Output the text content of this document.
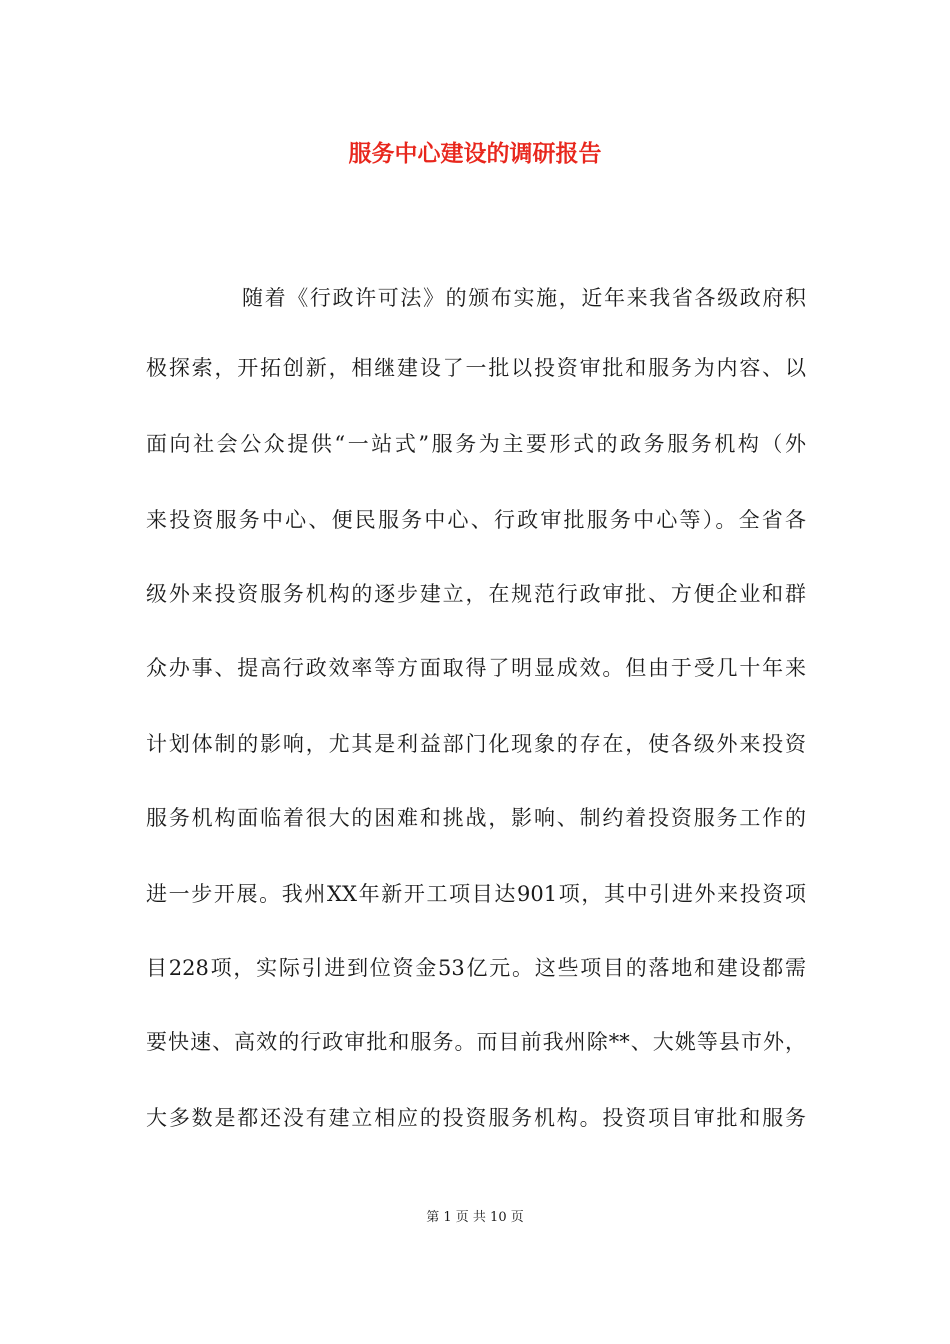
服务中心建设的调研报告
随着《行政许可法》的颁布实施，近年来我省各级政府积
极探索，开拓创新，相继建设了一批以投资审批和服务为内容、以
面向社会公众提供“一站式”服务为主要形式的政务服务机构（外
来投资服务中心、便民服务中心、行政审批服务中心等）。全省各
级外来投资服务机构的逐步建立，在规范行政审批、方便企业和群
众办事、提高行政效率等方面取得了明显成效。但由于受几十年来
计划体制的影响，尤其是利益部门化现象的存在，使各级外来投资
服务机构面临着很大的困难和挑战，影响、制约着投资服务工作的
进一步开展。我州XX年新开工项目达901项，其中引进外来投资项
目228项，实际引进到位资金53亿元。这些项目的落地和建设都需
要快速、高效的行政审批和服务。而目前我州除**、大姚等县市外，
大多数是都还没有建立相应的投资服务机构。投资项目审批和服务
第 1 页 共 10 页
